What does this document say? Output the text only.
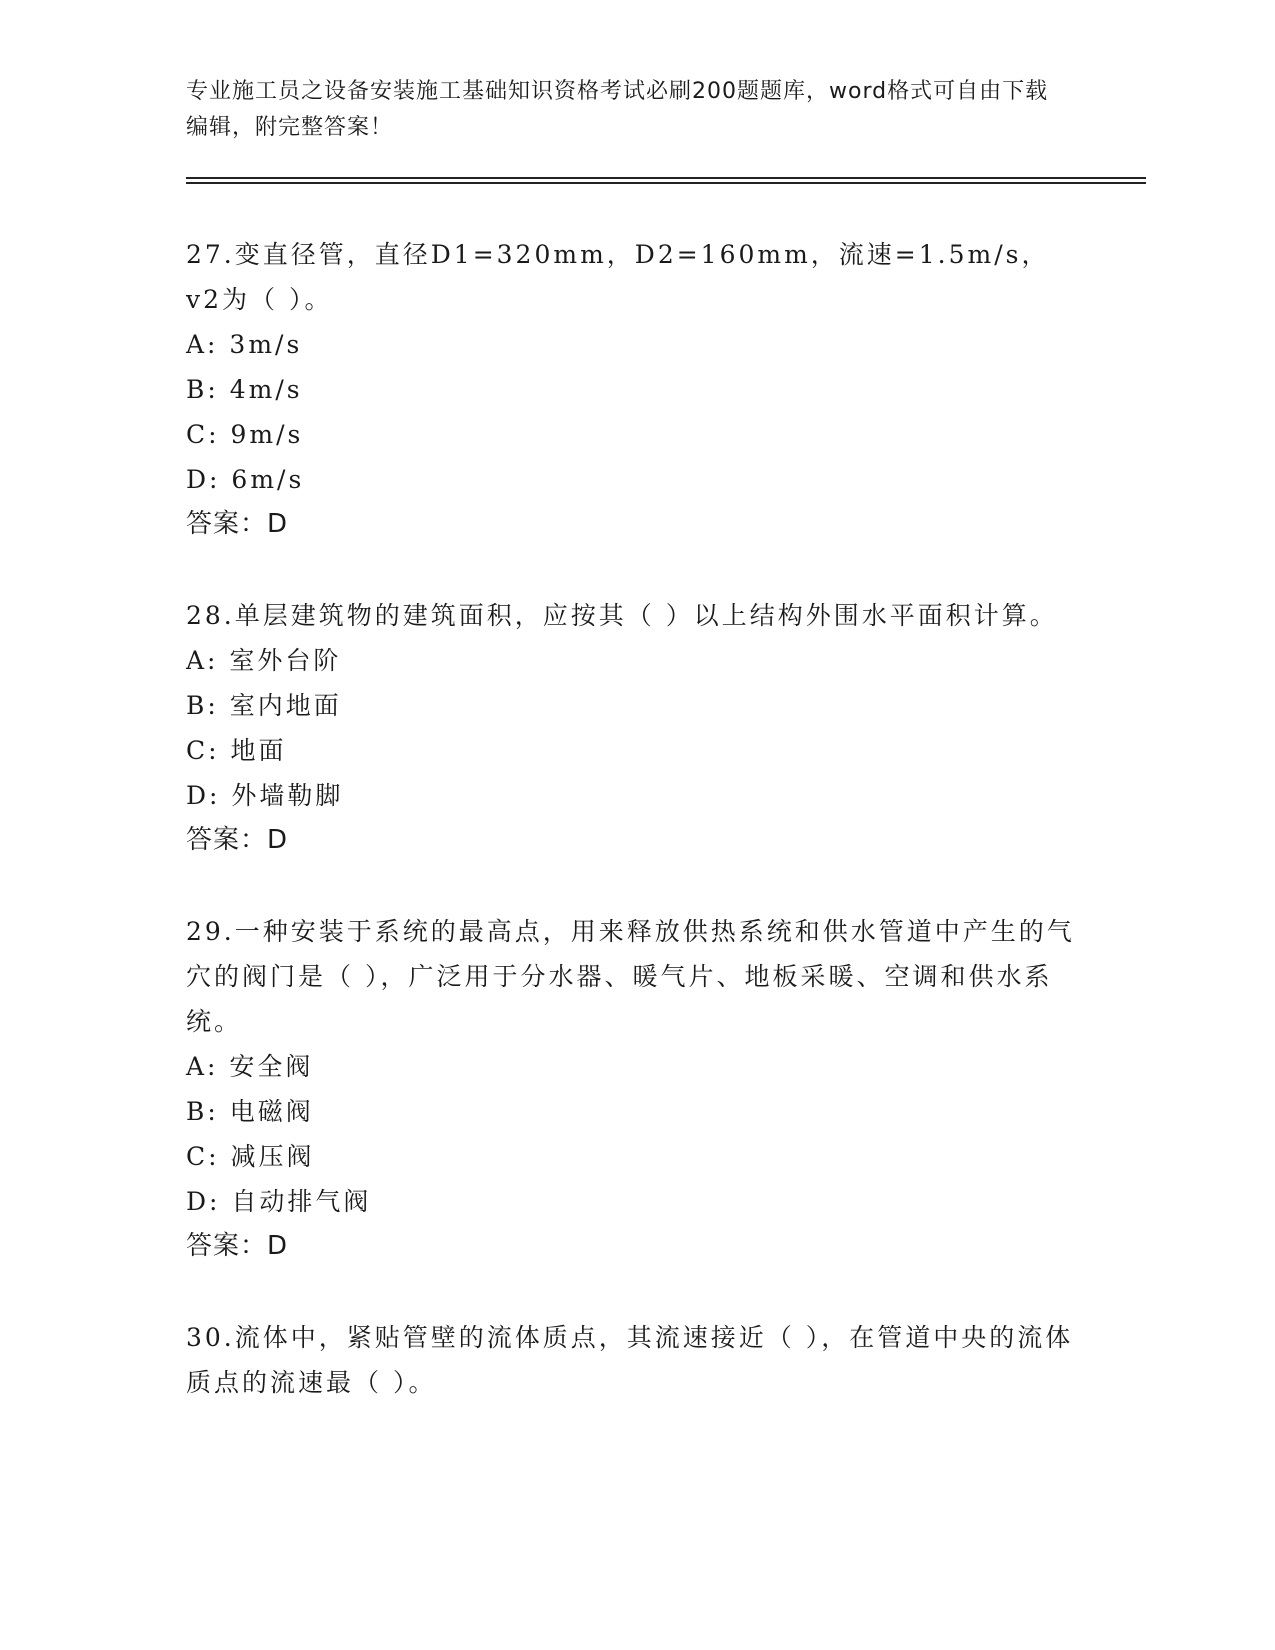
专业施工员之设备安装施工基础知识资格考试必刷200题题库，word格式可自由下载编辑，附完整答案！

27.变直径管，直径D1=320mm，D2=160mm，流速=1.5m/s，v2为（ ）。

A: 3m/s
B: 4m/s
C: 9m/s
D: 6m/s
答案：D

28.单层建筑物的建筑面积，应按其（ ）以上结构外围水平面积计算。

A: 室外台阶
B: 室内地面
C: 地面
D: 外墙勒脚
答案：D

29.一种安装于系统的最高点，用来释放供热系统和供水管道中产生的气穴的阀门是（ ），广泛用于分水器、暖气片、地板采暖、空调和供水系统。

A: 安全阀
B: 电磁阀
C: 减压阀
D: 自动排气阀
答案：D

30.流体中，紧贴管壁的流体质点，其流速接近（ ），在管道中央的流体质点的流速最（ ）。
